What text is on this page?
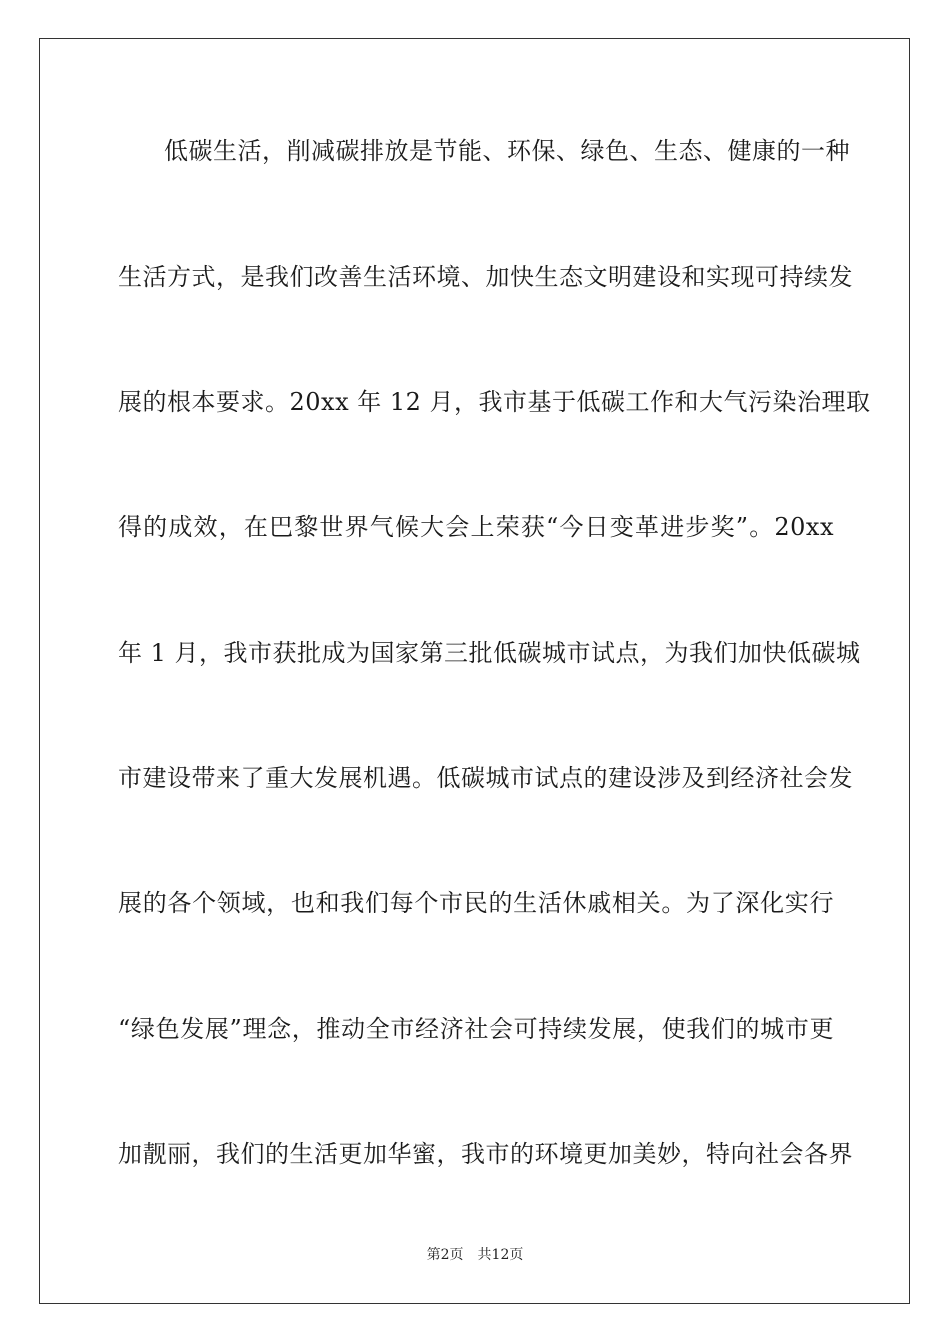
低碳生活，削减碳排放是节能、环保、绿色、生态、健康的一种
生活方式，是我们改善生活环境、加快生态文明建设和实现可持续发
展的根本要求。20xx 年 12 月，我市基于低碳工作和大气污染治理取
得的成效，在巴黎世界气候大会上荣获“今日变革进步奖”。20xx
年 1 月，我市获批成为国家第三批低碳城市试点，为我们加快低碳城
市建设带来了重大发展机遇。低碳城市试点的建设涉及到经济社会发
展的各个领域，也和我们每个市民的生活休戚相关。为了深化实行
“绿色发展”理念，推动全市经济社会可持续发展，使我们的城市更
加靓丽，我们的生活更加华蜜，我市的环境更加美妙，特向社会各界
第2页 共12页
